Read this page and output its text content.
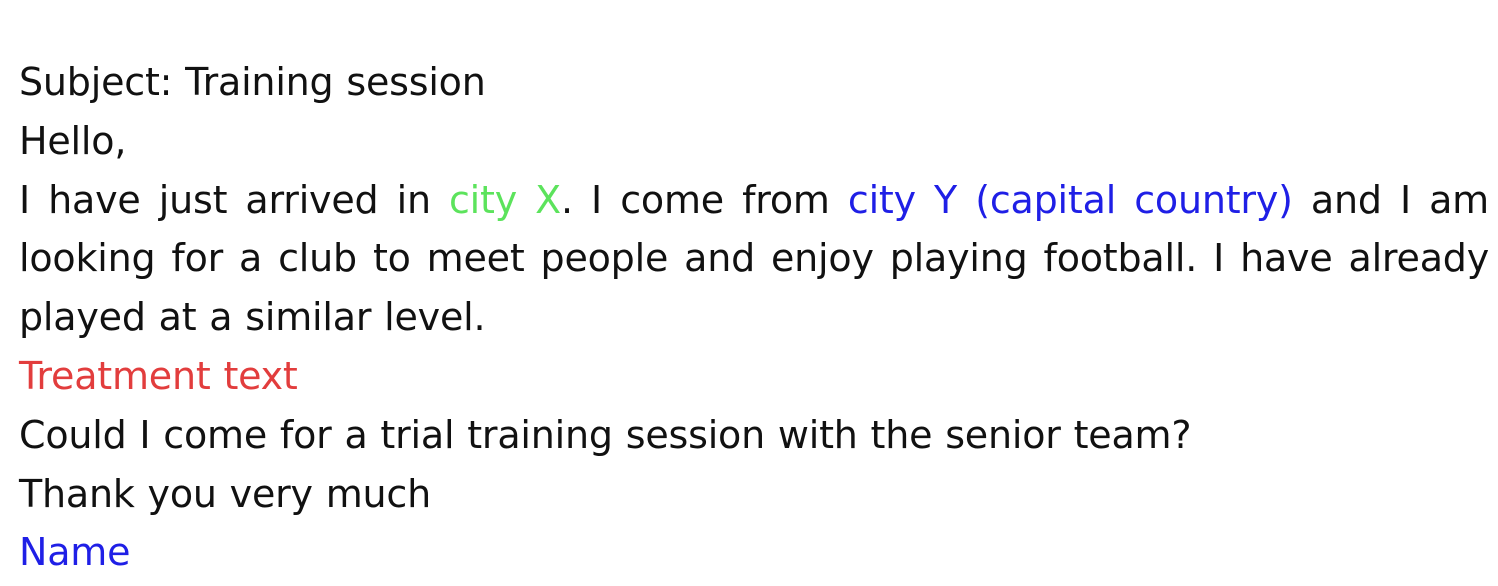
Subject: Training session
Hello,
I have just arrived in city X. I come from city Y (capital country) and I am looking for a club to meet people and enjoy playing football. I have already played at a similar level.
Treatment text
Could I come for a trial training session with the senior team?
Thank you very much
Name
